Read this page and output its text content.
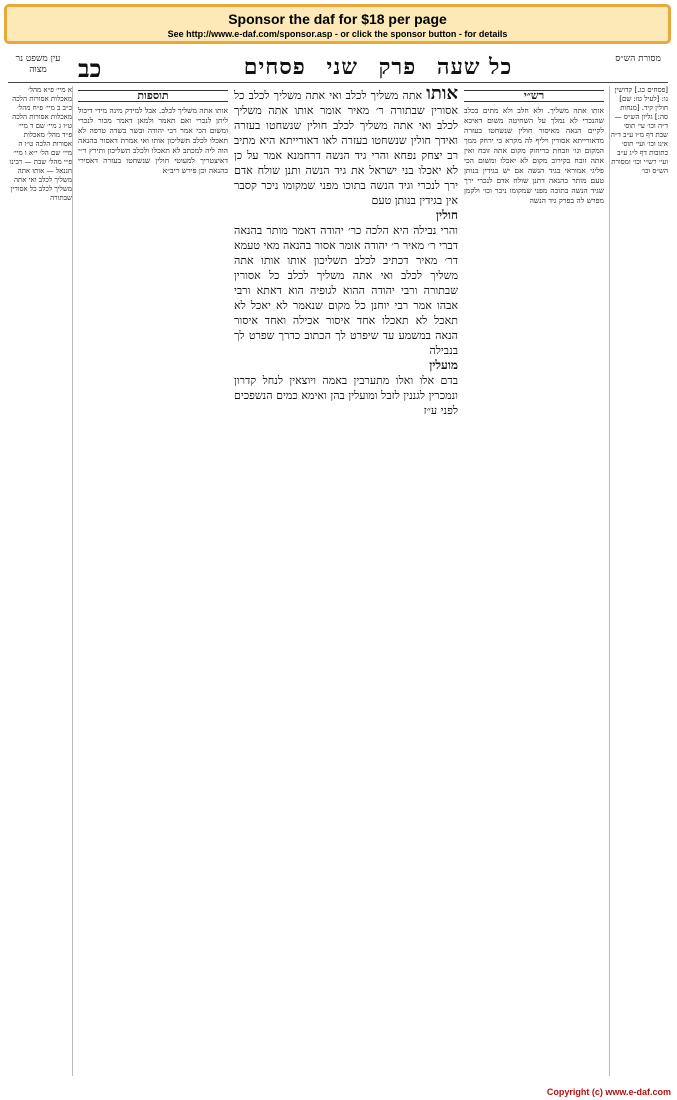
Sponsor the daf for $18 per page
See http://www.e-daf.com/sponsor.asp - or click the sponsor button - for details
מסורת הש״ס
כל שעה פרק שני פסחים
כב
עין משפט נר מצוה
[פסחים כג.] קדושין נו: [לעיל טז: שם] חולין קיד. [מנחות סה:] גליון הש״ס — ד״ה וכו׳ עי׳ תוס׳ שבת דף מ״ו ע״ב ד״ה אינו וכו׳ ועי׳ תוס׳ כתובות דף ל״ג ע״ב ועי׳ רש״י וכו׳ ומסורת הש״ס וכו׳
רש״י
אותו אתה משליך. ולא חלב ולא מתים בכלב שהנכרי לא נמלך על השחיטה משום דאיכא לקיים הנאה מאיסור חולין שנשחטו בעזרה מדאורייתא אסורין ויליף לה מקרא כי ירחק ממך המקום וגו׳ וזבחת בריחוק מקום אתה זובח ואין אתה זובח בקירוב מקום לא יאכלו ומשום הכי פליגי אמוראי בגיד הנשה אם יש בגידין בנותן טעם מותר בהנאה דתנן שולח אדם לנכרי ירך שגיד הנשה בתוכה מפני שמקומו ניכר וכו׳ ולקמן מפרש לה בפרק גיד הנשה
אותו אתה משליך לכלב ואי אתה משליך לכלב כל אסורין שבתורה ר׳ מאיר אומר אותו אתה משליך לכלב ואי אתה משליך לכלב חולין שנשחטו בעזרה ואידך חולין שנשחטו בעזרה לאו דאורייתא היא מתיב רב יצחק נפחא והרי גיד הנשה דרחמנא אמר על כן לא יאכלו בני ישראל את גיד הנשה ותנן שולח אדם ירך לנכרי וגיד הנשה בתוכו מפני שמקומו ניכר קסבר אין בגידין בנותן טעם
חולין
והרי נבילה היא הלכה כר׳ יהודה דאמר מותר בהנאה דברי ר׳ מאיר ר׳ יהודה אומר אסור בהנאה מאי טעמא דר׳ מאיר דכתיב לכלב תשליכון אותו אותו אתה משליך לכלב ואי אתה משליך לכלב כל אסורין שבתורה ורבי יהודה ההוא לגופיה הוא דאתא ורבי אבהו אמר רבי יוחנן כל מקום שנאמר לא יאכל לא תאכל לא תאכלו אחד איסור אכילה ואחד איסור הנאה במשמע עד שיפרט לך הכתוב כדרך שפרט לך בנבילה
מועלין
בדם אלו ואלו מתערבין באמה ויוצאין לנחל קדרון ונמכרין לגננין לזבל ומועלין בהן ואימא כמים הנשפכים לפני ע״ז
תוספות
אותו אתה משליך לכלב. אבל למידק מינה מידי דיכול ליתן לנכרי ואם תאמר ולמאן דאמר מכור לנכרי ומשום הכי אמר רבי יהודה ובשר בשדה טרפה לא תאכלו לכלב תשליכון אותו ואי אמרת דאסור בהנאה הוה ליה למכתב לא תאכלו ולכלב תשליכון ותירץ ר״י דאיצטריך למעוטי חולין שנשחטו בעזרה דאסירי בהנאה וכן פירש ריב״א
א מיי׳ פ״א מהל׳ מאכלות אסורות הלכה כ״ב ב מיי׳ פ״ח מהל׳ מאכלות אסורות הלכה ט״ו ג מיי׳ שם ד מיי׳ פ״ד מהל׳ מאכלות אסורות הלכה ט״ו ה מיי׳ שם הל׳ י״א ו מיי׳ פ״י מהל׳ שבת — רבינו חננאל — אותו אתה משליך לכלב ואי אתה משליך לכלב כל אסורין שבתורה
Copyright (c) www.e-daf.com
